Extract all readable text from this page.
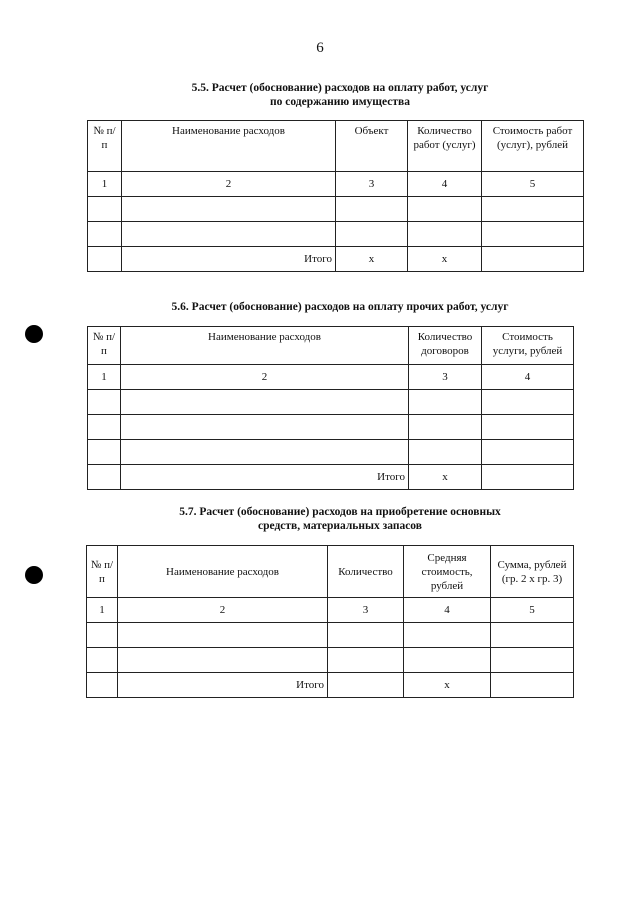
6
5.5. Расчет (обоснование) расходов на оплату работ, услуг
по содержанию имущества
№ п/п	Наименование расходов	Объект	Количество работ (услуг)	Стоимость работ (услуг), рублей
1	2	3	4	5

	Итого	х	х	
5.6. Расчет (обоснование) расходов на оплату прочих работ, услуг
№ п/п	Наименование расходов	Количество договоров	Стоимость услуги, рублей
1	2	3	4

	Итого	х	
5.7. Расчет (обоснование) расходов на приобретение основных
средств, материальных запасов
№ п/п	Наименование расходов	Количество	Средняя стоимость, рублей	Сумма, рублей (гр. 2 х гр. 3)
1	2	3	4	5

	Итого		х	
